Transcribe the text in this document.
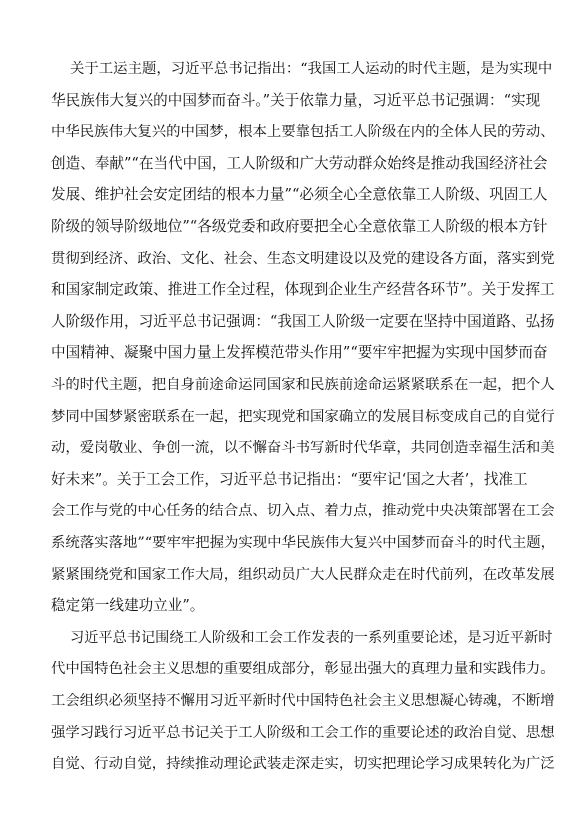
关于工运主题，习近平总书记指出：“我国工人运动的时代主题，是为实现中
华民族伟大复兴的中国梦而奋斗。”关于依靠力量，习近平总书记强调：“实现
中华民族伟大复兴的中国梦，根本上要靠包括工人阶级在内的全体人民的劳动、
创造、奉献”“在当代中国，工人阶级和广大劳动群众始终是推动我国经济社会
发展、维护社会安定团结的根本力量”“必须全心全意依靠工人阶级、巩固工人
阶级的领导阶级地位”“各级党委和政府要把全心全意依靠工人阶级的根本方针
贯彻到经济、政治、文化、社会、生态文明建设以及党的建设各方面，落实到党
和国家制定政策、推进工作全过程，体现到企业生产经营各环节”。关于发挥工
人阶级作用，习近平总书记强调：“我国工人阶级一定要在坚持中国道路、弘扬
中国精神、凝聚中国力量上发挥模范带头作用”“要牢牢把握为实现中国梦而奋
斗的时代主题，把自身前途命运同国家和民族前途命运紧紧联系在一起，把个人
梦同中国梦紧密联系在一起，把实现党和国家确立的发展目标变成自己的自觉行
动，爱岗敬业、争创一流，以不懈奋斗书写新时代华章，共同创造幸福生活和美
好未来”。关于工会工作，习近平总书记指出：“要牢记‘国之大者’，找准工
会工作与党的中心任务的结合点、切入点、着力点，推动党中央决策部署在工会
系统落实落地”“要牢牢把握为实现中华民族伟大复兴中国梦而奋斗的时代主题，
紧紧围绕党和国家工作大局，组织动员广大人民群众走在时代前列，在改革发展
稳定第一线建功立业”。
习近平总书记围绕工人阶级和工会工作发表的一系列重要论述，是习近平新时
代中国特色社会主义思想的重要组成部分，彰显出强大的真理力量和实践伟力。
工会组织必须坚持不懈用习近平新时代中国特色社会主义思想凝心铸魂，不断增
强学习践行习近平总书记关于工人阶级和工会工作的重要论述的政治自觉、思想
自觉、行动自觉，持续推动理论武装走深走实，切实把理论学习成果转化为广泛
